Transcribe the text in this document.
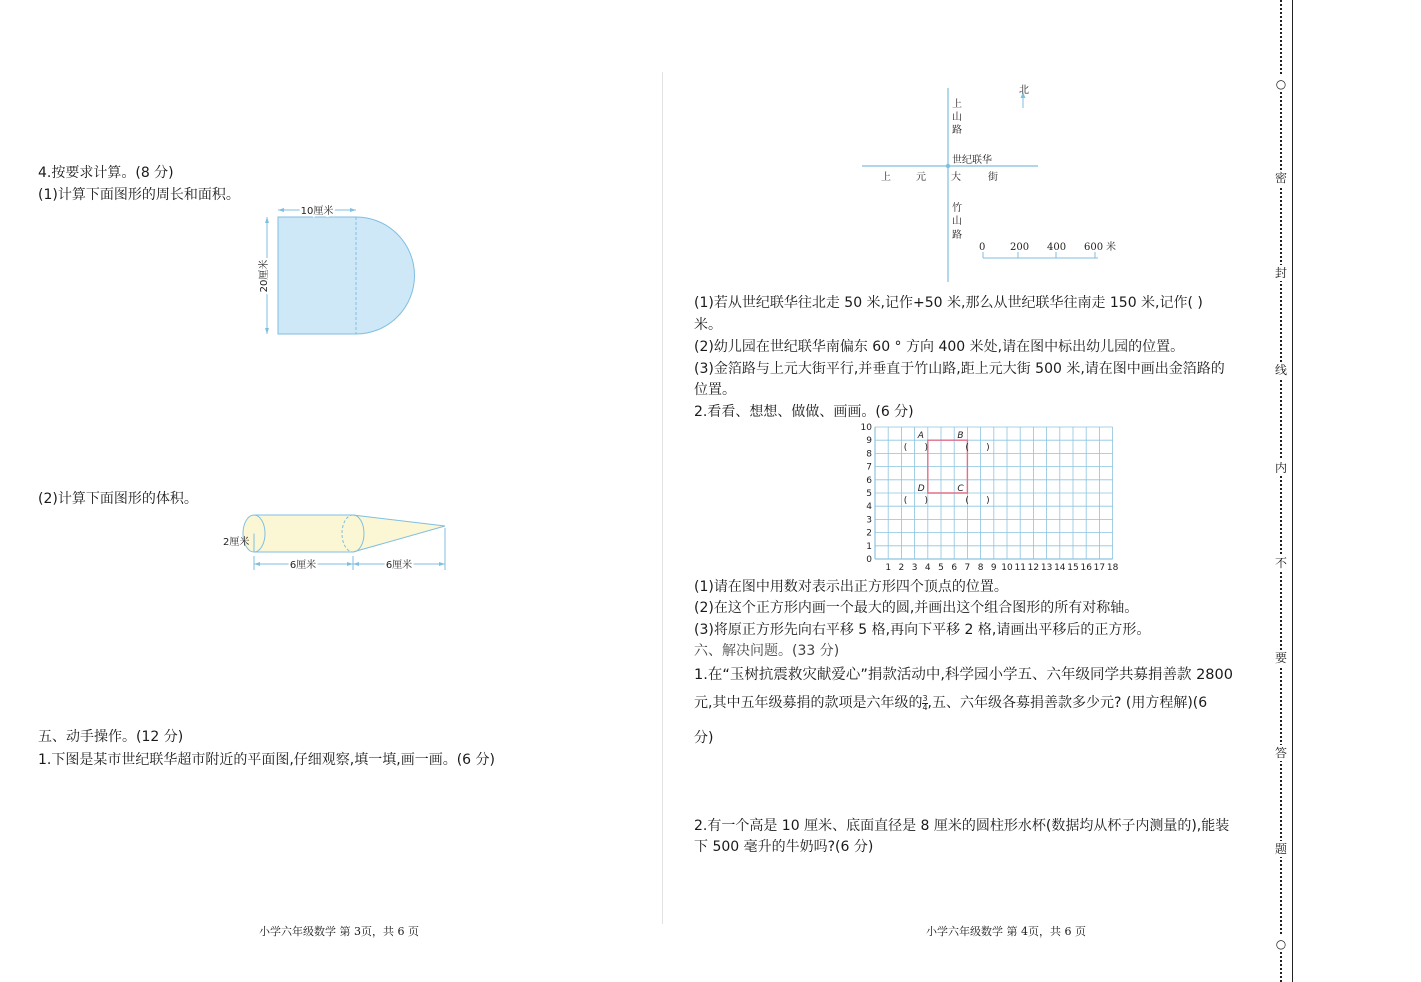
4.按要求计算。(8 分)
(1)计算下面图形的周长和面积。
10厘米
20厘米
(2)计算下面图形的体积。
2厘米
6厘米	6厘米
五、动手操作。(12 分)
1.下图是某市世纪联华超市附近的平面图,仔细观察,填一填,画一画。(6 分)
小学六年级数学 第 3页，共 6 页
北
上
山
路
世纪联华
上	元	大	街
竹
山
路
0 200 400 600 米
(1)若从世纪联华往北走 50 米,记作+50 米,那么从世纪联华往南走 150 米,记作( )
米。
(2)幼儿园在世纪联华南偏东 60 ° 方向 400 米处,请在图中标出幼儿园的位置。
(3)金箔路与上元大街平行,并垂直于竹山路,距上元大街 500 米,请在图中画出金箔路的
位置。
2.看看、想想、做做、画画。(6 分)
1 2 3 4 5 6 7 8 9 10 11 12 13 14 15 16 17 18
0
1
2
3
4
5
6
7
8
9
10
A
(      )
B
(      )
C
(      )
D
(      )
(1)请在图中用数对表示出正方形四个顶点的位置。
(2)在这个正方形内画一个最大的圆,并画出这个组合图形的所有对称轴。
(3)将原正方形先向右平移 5 格,再向下平移 2 格,请画出平移后的正方形。
六、解决问题。(33 分)
1.在“玉树抗震救灾献爱心”捐款活动中,科学园小学五、六年级同学共募捐善款 2800
元,其中五年级募捐的款项是六年级的 $\frac{3}{4}$ ,五、六年级各募捐善款多少元? (用方程解)(6
分)
2.有一个高是 10 厘米、底面直径是 8 厘米的圆柱形水杯(数据均从杯子内测量的),能装
下 500 毫升的牛奶吗?(6 分)
小学六年级数学 第 4页，共 6 页
○
密
封
线
内
不
要
答
题
○
